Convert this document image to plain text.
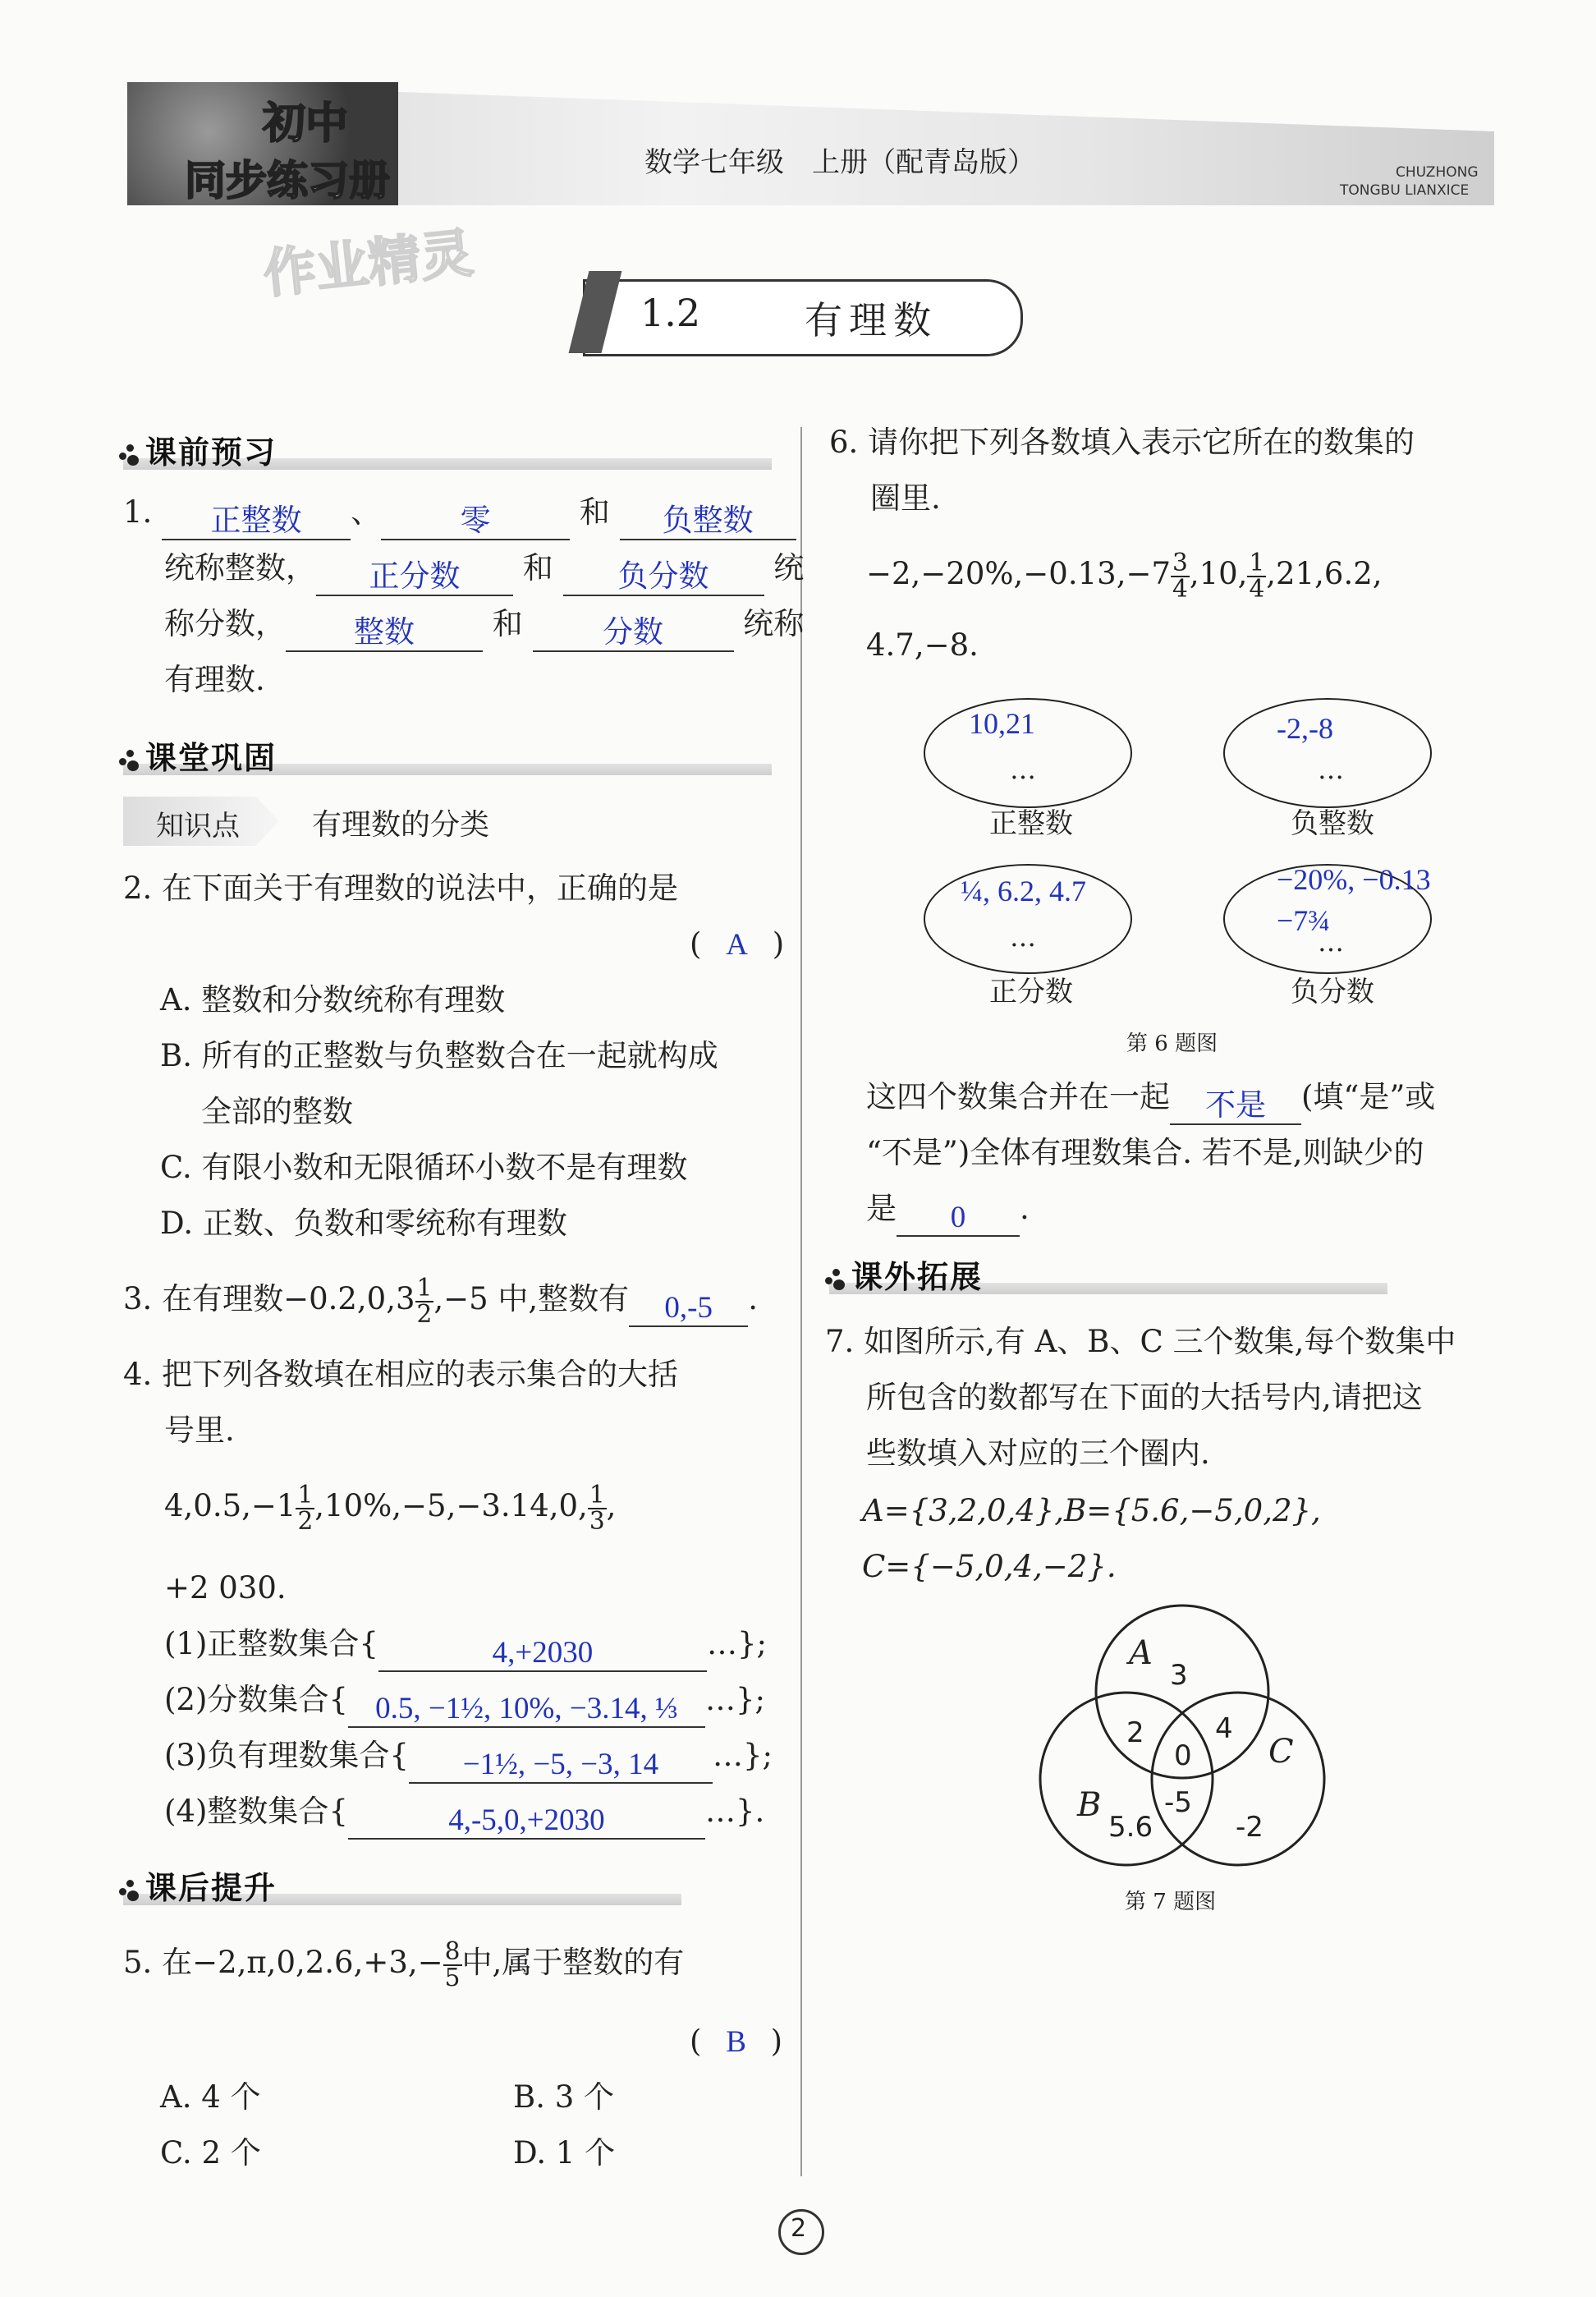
初中
同步练习册	数学七年级　上册（配青岛版）	CHUZHONG
TONGBU LIANXICE
作业精灵
1.2	有理数
课前预习
1. 正整数 、	零	和 负整数
统称整数， 正分数 和 负分数 统
称分数， 整数	和	分数	统称
有理数.
课堂巩固
知识点 有理数的分类
2. 在下面关于有理数的说法中，正确的是
( A )
A. 整数和分数统称有理数
B. 所有的正整数与负整数合在一起就构成
全部的整数
C. 有限小数和无限循环小数不是有理数
D. 正数、负数和零统称有理数
3. 在有理数$-0.2,0,3 \frac{1}{2} ,-5$ 中,整数有 0,-5 .
4. 把下列各数填在相应的表示集合的大括
号里.
$4,0.5,-1 \frac{1}{2} ,10\%,-5,-3.14,0$, $\frac{1}{3}$ ,
+2 030.
(1)正整数集合{	4,+2030	…};
(2)分数集合{ 0.5, −1½, 10%, −3.14, ⅓ …};
(3)负有理数集合{ −1½, −5, −3, 14 …};
(4)整数集合{	4,-5,0,+2030	…}.
课后提升
5. 在$-2,\pi,0,2.6,+3,- \frac{8}{5}$ 中,属于整数的有
( B )
A. 4 个	B. 3 个
C. 2 个	D. 1 个
6. 请你把下列各数填入表示它所在的数集的
圈里.
$-2,-20\%,-0.13,-7 \frac{3}{4} ,10$, $\frac{1}{4} ,21,6.2$,
4.7,−8.
10,21
…
正整数
-2,-8
…
负整数
¼, 6.2, 4.7
…
正分数
−20%, −0.13
−7¾
…
负分数
第 6 题图
这四个数集合并在一起 不是 (填“是”或
“不是”)全体有理数集合. 若不是,则缺少的
是 0 .
课外拓展
7. 如图所示,有 A、B、C 三个数集,每个数集中
所包含的数都写在下面的大括号内,请把这
些数填入对应的三个圈内.
A={3,2,0,4},B={5.6,−5,0,2},
C={−5,0,4,−2}.
A
B
C
3
2	4
0
-5
5.6	-2
第 7 题图
2
